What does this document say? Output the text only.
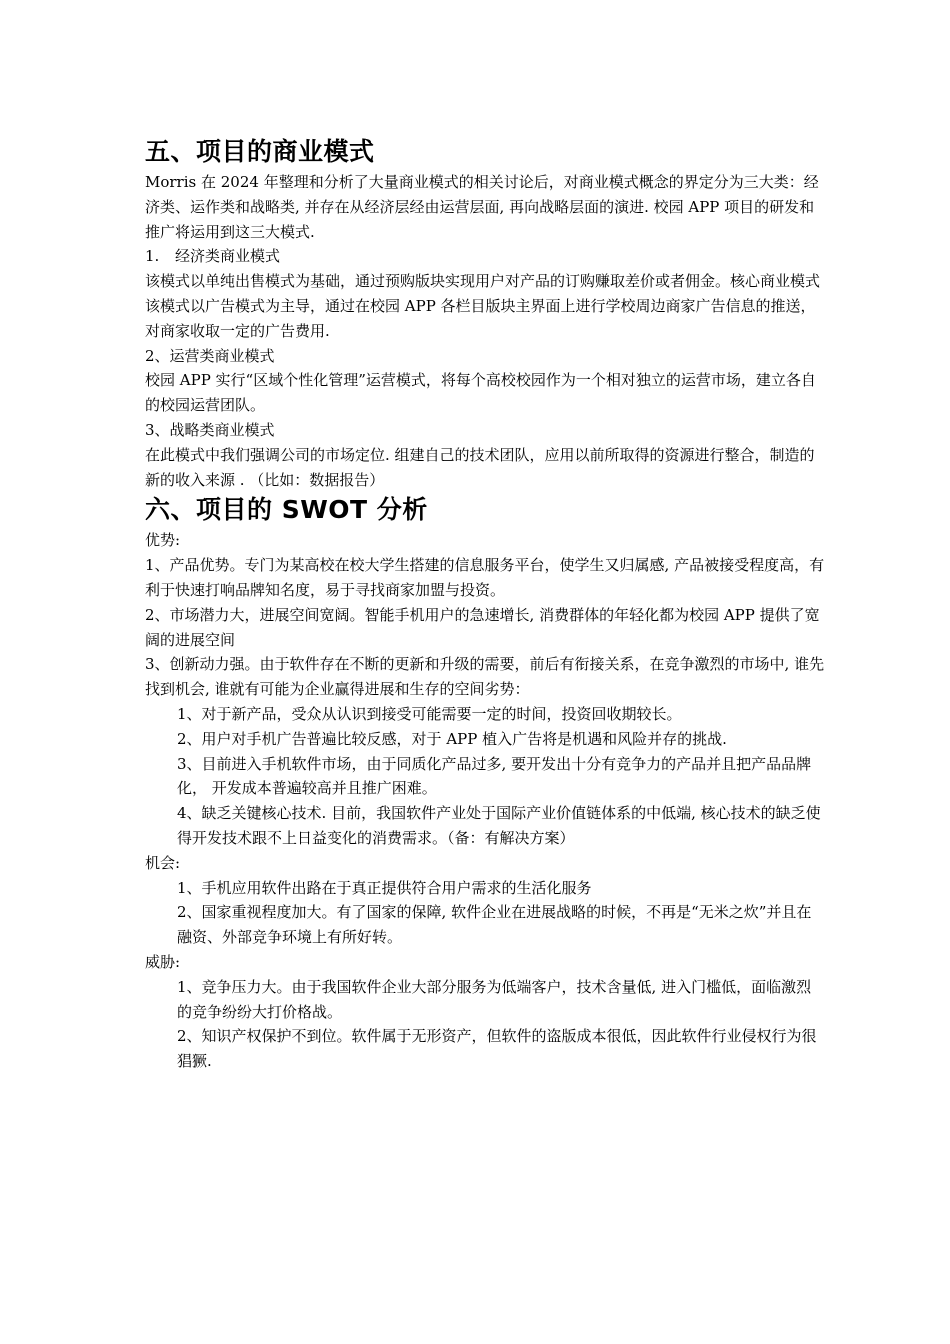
五、项目的商业模式

Morris 在 2024 年整理和分析了大量商业模式的相关讨论后，对商业模式概念的界定分为三大类：经济类、运作类和战略类, 并存在从经济层经由运营层面, 再向战略层面的演进. 校园 APP 项目的研发和推广将运用到这三大模式.

1. 经济类商业模式

该模式以单纯出售模式为基础，通过预购版块实现用户对产品的订购赚取差价或者佣金。核心商业模式该模式以广告模式为主导，通过在校园 APP 各栏目版块主界面上进行学校周边商家广告信息的推送，对商家收取一定的广告费用.

2、运营类商业模式

校园 APP 实行“区域个性化管理”运营模式，将每个高校校园作为一个相对独立的运营市场，建立各自的校园运营团队。

3、战略类商业模式

在此模式中我们强调公司的市场定位. 组建自己的技术团队，应用以前所取得的资源进行整合，制造的新的收入来源 . （比如：数据报告）

六、项目的 SWOT 分析

优势:

1、产品优势。专门为某高校在校大学生搭建的信息服务平台，使学生又归属感, 产品被接受程度高，有利于快速打响品牌知名度，易于寻找商家加盟与投资。

2、市场潜力大，进展空间宽阔。智能手机用户的急速增长, 消费群体的年轻化都为校园 APP 提供了宽阔的进展空间

3、创新动力强。由于软件存在不断的更新和升级的需要，前后有衔接关系，在竞争激烈的市场中, 谁先找到机会, 谁就有可能为企业赢得进展和生存的空间劣势：

1、对于新产品，受众从认识到接受可能需要一定的时间，投资回收期较长。

2、用户对手机广告普遍比较反感，对于 APP 植入广告将是机遇和风险并存的挑战.

3、目前进入手机软件市场，由于同质化产品过多, 要开发出十分有竞争力的产品并且把产品品牌化， 开发成本普遍较高并且推广困难。

4、缺乏关键核心技术. 目前，我国软件产业处于国际产业价值链体系的中低端, 核心技术的缺乏使得开发技术跟不上日益变化的消费需求。（备：有解决方案）

机会:

1、手机应用软件出路在于真正提供符合用户需求的生活化服务

2、国家重视程度加大。有了国家的保障, 软件企业在进展战略的时候，不再是“无米之炊”并且在融资、外部竞争环境上有所好转。

威胁:

1、竞争压力大。由于我国软件企业大部分服务为低端客户，技术含量低, 进入门槛低，面临激烈的竞争纷纷大打价格战。

2、知识产权保护不到位。软件属于无形资产，但软件的盗版成本很低，因此软件行业侵权行为很猖獗.
